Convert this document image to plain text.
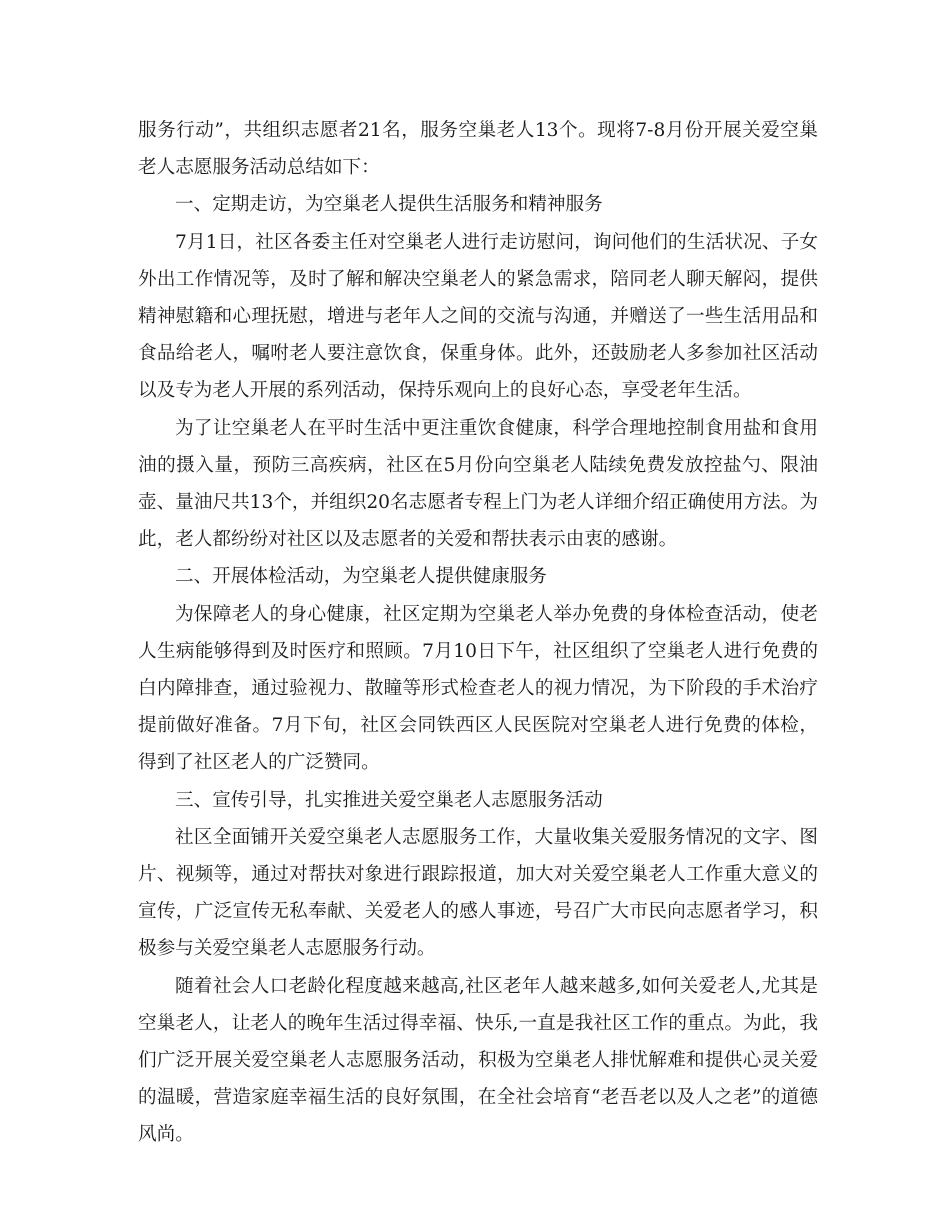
服务行动”，共组织志愿者21名，服务空巢老人13个。现将7-8月份开展关爱空巢老人志愿服务活动总结如下：

一、定期走访，为空巢老人提供生活服务和精神服务

7月1日，社区各委主任对空巢老人进行走访慰问，询问他们的生活状况、子女外出工作情况等，及时了解和解决空巢老人的紧急需求，陪同老人聊天解闷，提供精神慰籍和心理抚慰，增进与老年人之间的交流与沟通，并赠送了一些生活用品和食品给老人，嘱咐老人要注意饮食，保重身体。此外，还鼓励老人多参加社区活动以及专为老人开展的系列活动，保持乐观向上的良好心态，享受老年生活。

为了让空巢老人在平时生活中更注重饮食健康，科学合理地控制食用盐和食用油的摄入量，预防三高疾病，社区在5月份向空巢老人陆续免费发放控盐勺、限油壶、量油尺共13个，并组织20名志愿者专程上门为老人详细介绍正确使用方法。为此，老人都纷纷对社区以及志愿者的关爱和帮扶表示由衷的感谢。

二、开展体检活动，为空巢老人提供健康服务

为保障老人的身心健康，社区定期为空巢老人举办免费的身体检查活动，使老人生病能够得到及时医疗和照顾。7月10日下午，社区组织了空巢老人进行免费的白内障排查，通过验视力、散瞳等形式检查老人的视力情况，为下阶段的手术治疗提前做好准备。7月下旬，社区会同铁西区人民医院对空巢老人进行免费的体检，得到了社区老人的广泛赞同。

三、宣传引导，扎实推进关爱空巢老人志愿服务活动

社区全面铺开关爱空巢老人志愿服务工作，大量收集关爱服务情况的文字、图片、视频等，通过对帮扶对象进行跟踪报道，加大对关爱空巢老人工作重大意义的宣传，广泛宣传无私奉献、关爱老人的感人事迹，号召广大市民向志愿者学习，积极参与关爱空巢老人志愿服务行动。

随着社会人口老龄化程度越来越高,社区老年人越来越多,如何关爱老人,尤其是空巢老人，让老人的晚年生活过得幸福、快乐,一直是我社区工作的重点。为此，我们广泛开展关爱空巢老人志愿服务活动，积极为空巢老人排忧解难和提供心灵关爱的温暖，营造家庭幸福生活的良好氛围，在全社会培育“老吾老以及人之老”的道德风尚。
